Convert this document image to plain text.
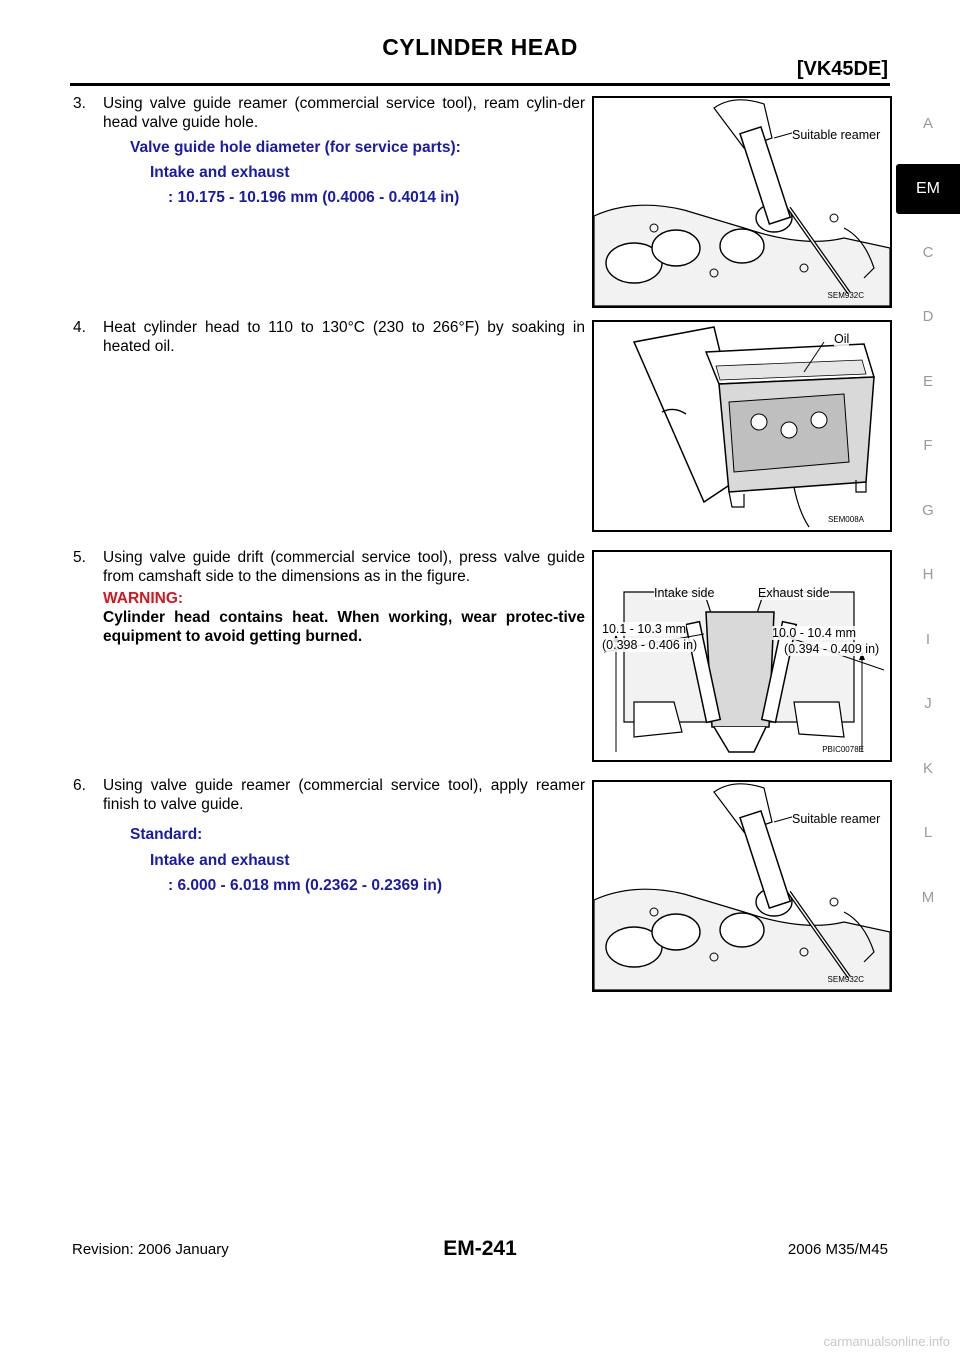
CYLINDER HEAD
[VK45DE]
A
EM
C
D
E
F
G
H
I
J
K
L
M
3. Using valve guide reamer (commercial service tool), ream cylin-der head valve guide hole.
Valve guide hole diameter (for service parts):
Intake and exhaust
: 10.175 - 10.196 mm (0.4006 - 0.4014 in)
Suitable reamer
SEM932C
4. Heat cylinder head to 110 to 130°C (230 to 266°F) by soaking in heated oil.	Oil
SEM008A
5. Using valve guide drift (commercial service tool), press valve guide from camshaft side to the dimensions as in the figure.
WARNING:
Cylinder head contains heat. When working, wear protec-tive equipment to avoid getting burned.
Intake side	Exhaust side
10.1 - 10.3 mm
(0.398 - 0.406 in)
10.0 - 10.4 mm
(0.394 - 0.409 in)
PBIC0078E
6. Using valve guide reamer (commercial service tool), apply reamer finish to valve guide.
Standard:
Intake and exhaust
: 6.000 - 6.018 mm (0.2362 - 0.2369 in)
Suitable reamer
SEM932C
Revision: 2006 January	EM-241	2006 M35/M45
carmanualsonline.info
